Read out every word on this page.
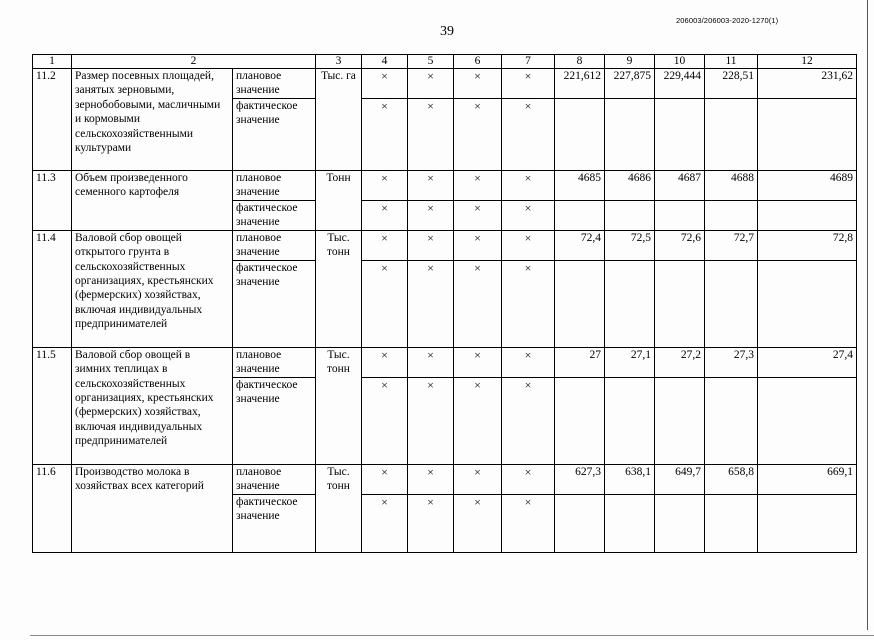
39
206003/206003-2020-1270(1)
1	2		3	4	5	6	7	8	9	10	11	12	
11.2	Размер посевных площадей, занятых зерновыми, зернобобовыми, масличными и кормовыми сельскохозяйственными культурами	плановое значение	Тыс. га	×	×	×	×	221,612	227,875	229,444	228,51	231,62	
		фактическое значение		×	×	×	×						
11.3	Объем произведенного семенного картофеля	плановое значение	Тонн	×	×	×	×	4685	4686	4687	4688	4689	
		фактическое значение		×	×	×	×						
11.4	Валовой сбор овощей открытого грунта в сельскохозяйственных организациях, крестьянских (фермерских) хозяйствах, включая индивидуальных предпринимателей	плановое значение	Тыс. тонн	×	×	×	×	72,4	72,5	72,6	72,7	72,8	
		фактическое значение		×	×	×	×						
11.5	Валовой сбор овощей в зимних теплицах в сельскохозяйственных организациях, крестьянских (фермерских) хозяйствах, включая индивидуальных предпринимателей	плановое значение	Тыс. тонн	×	×	×	×	27	27,1	27,2	27,3	27,4	
		фактическое значение		×	×	×	×						
11.6	Производство молока в хозяйствах всех категорий	плановое значение	Тыс. тонн	×	×	×	×	627,3	638,1	649,7	658,8	669,1	
		фактическое значение		×	×	×	×						
